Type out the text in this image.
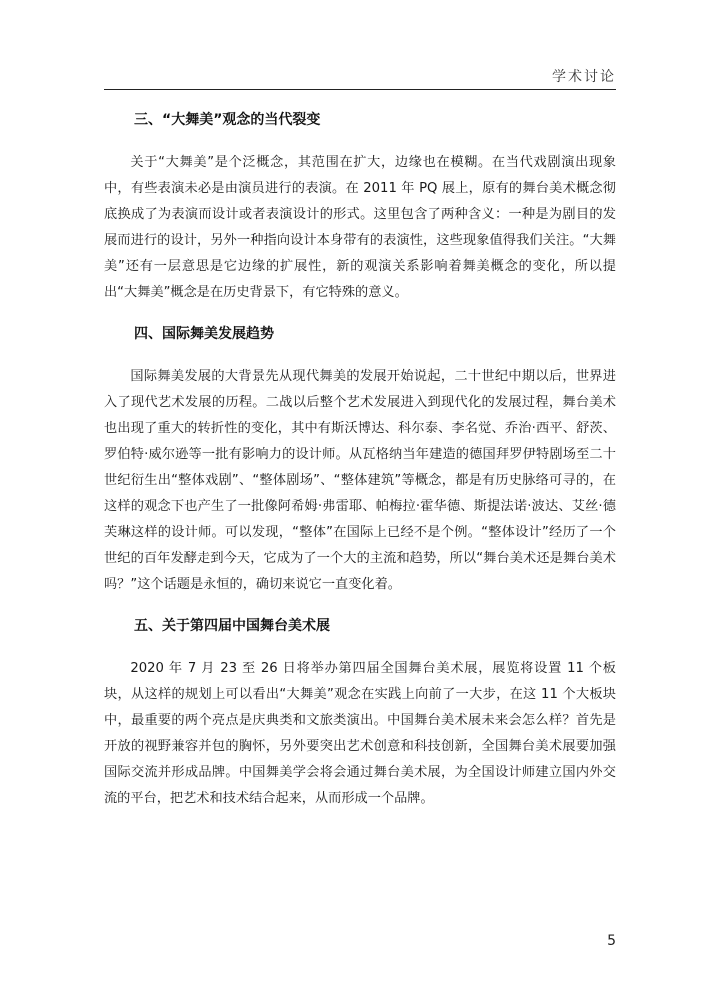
学术讨论
三、“大舞美”观念的当代裂变

关于“大舞美”是个泛概念，其范围在扩大，边缘也在模糊。在当代戏剧演出现象中，有些表演未必是由演员进行的表演。在 2011 年 PQ 展上，原有的舞台美术概念彻底换成了为表演而设计或者表演设计的形式。这里包含了两种含义：一种是为剧目的发展而进行的设计，另外一种指向设计本身带有的表演性，这些现象值得我们关注。“大舞美”还有一层意思是它边缘的扩展性，新的观演关系影响着舞美概念的变化，所以提出“大舞美”概念是在历史背景下，有它特殊的意义。

四、国际舞美发展趋势

国际舞美发展的大背景先从现代舞美的发展开始说起，二十世纪中期以后，世界进入了现代艺术发展的历程。二战以后整个艺术发展进入到现代化的发展过程，舞台美术也出现了重大的转折性的变化，其中有斯沃博达、科尔泰、李名觉、乔治·西平、舒茨、罗伯特·威尔逊等一批有影响力的设计师。从瓦格纳当年建造的德国拜罗伊特剧场至二十世纪衍生出“整体戏剧”、“整体剧场”、“整体建筑”等概念，都是有历史脉络可寻的，在这样的观念下也产生了一批像阿希姆·弗雷耶、帕梅拉·霍华德、斯提法诺·波达、艾丝·德芙琳这样的设计师。可以发现，“整体”在国际上已经不是个例。“整体设计”经历了一个世纪的百年发酵走到今天，它成为了一个大的主流和趋势，所以“舞台美术还是舞台美术吗？”这个话题是永恒的，确切来说它一直变化着。

五、关于第四届中国舞台美术展

2020 年 7 月 23 至 26 日将举办第四届全国舞台美术展，展览将设置 11 个板块，从这样的规划上可以看出“大舞美”观念在实践上向前了一大步，在这 11 个大板块中，最重要的两个亮点是庆典类和文旅类演出。中国舞台美术展未来会怎么样？首先是开放的视野兼容并包的胸怀，另外要突出艺术创意和科技创新，全国舞台美术展要加强国际交流并形成品牌。中国舞美学会将会通过舞台美术展，为全国设计师建立国内外交流的平台，把艺术和技术结合起来，从而形成一个品牌。

5
